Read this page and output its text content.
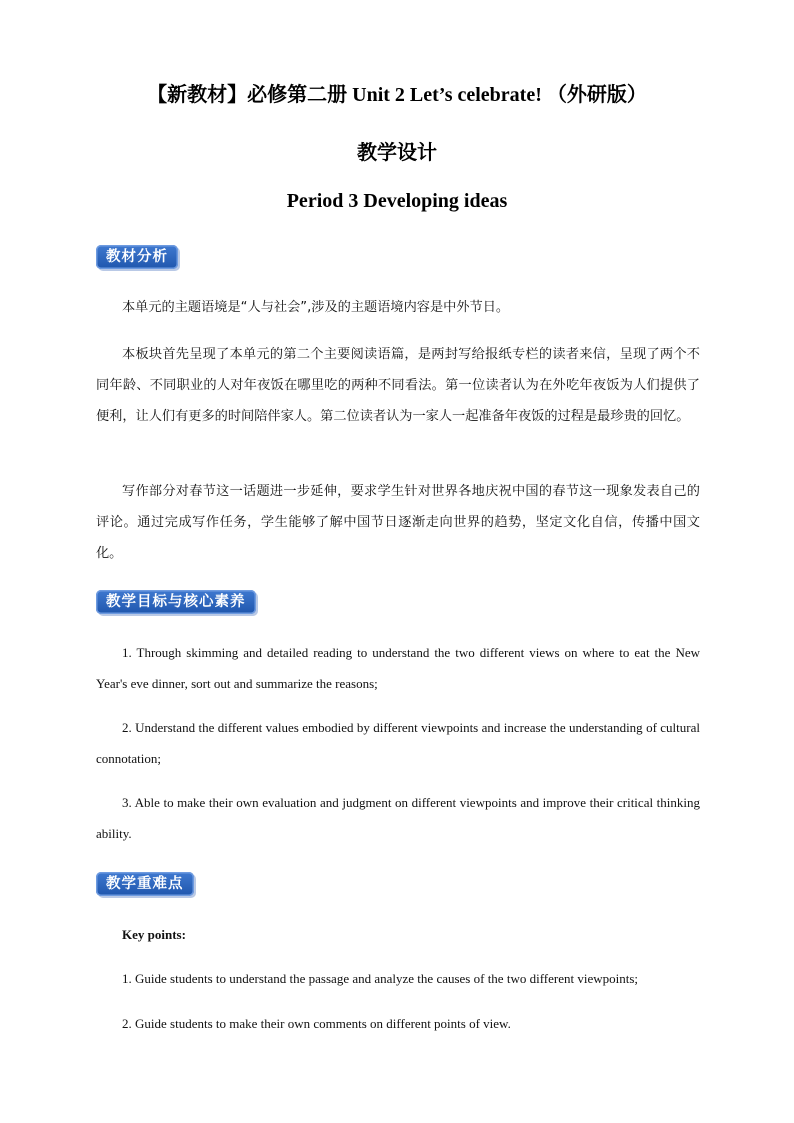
【新教材】必修第二册 Unit 2 Let’s celebrate! （外研版）
教学设计
Period 3 Developing ideas
教材分析
本单元的主题语境是“人与社会”,涉及的主题语境内容是中外节日。
本板块首先呈现了本单元的第二个主要阅读语篇，是两封写给报纸专栏的读者来信，呈现了两个不同年龄、不同职业的人对年夜饭在哪里吃的两种不同看法。第一位读者认为在外吃年夜饭为人们提供了便利，让人们有更多的时间陪伴家人。第二位读者认为一家人一起准备年夜饭的过程是最珍贵的回忆。
写作部分对春节这一话题进一步延伸，要求学生针对世界各地庆祝中国的春节这一现象发表自己的评论。通过完成写作任务，学生能够了解中国节日逐渐走向世界的趋势，坚定文化自信，传播中国文化。
教学目标与核心素养
1. Through skimming and detailed reading to understand the two different views on where to eat the New Year's eve dinner, sort out and summarize the reasons;
2. Understand the different values embodied by different viewpoints and increase the understanding of cultural connotation;
3. Able to make their own evaluation and judgment on different viewpoints and improve their critical thinking ability.
教学重难点
Key points:
1. Guide students to understand the passage and analyze the causes of the two different viewpoints;
2. Guide students to make their own comments on different points of view.
